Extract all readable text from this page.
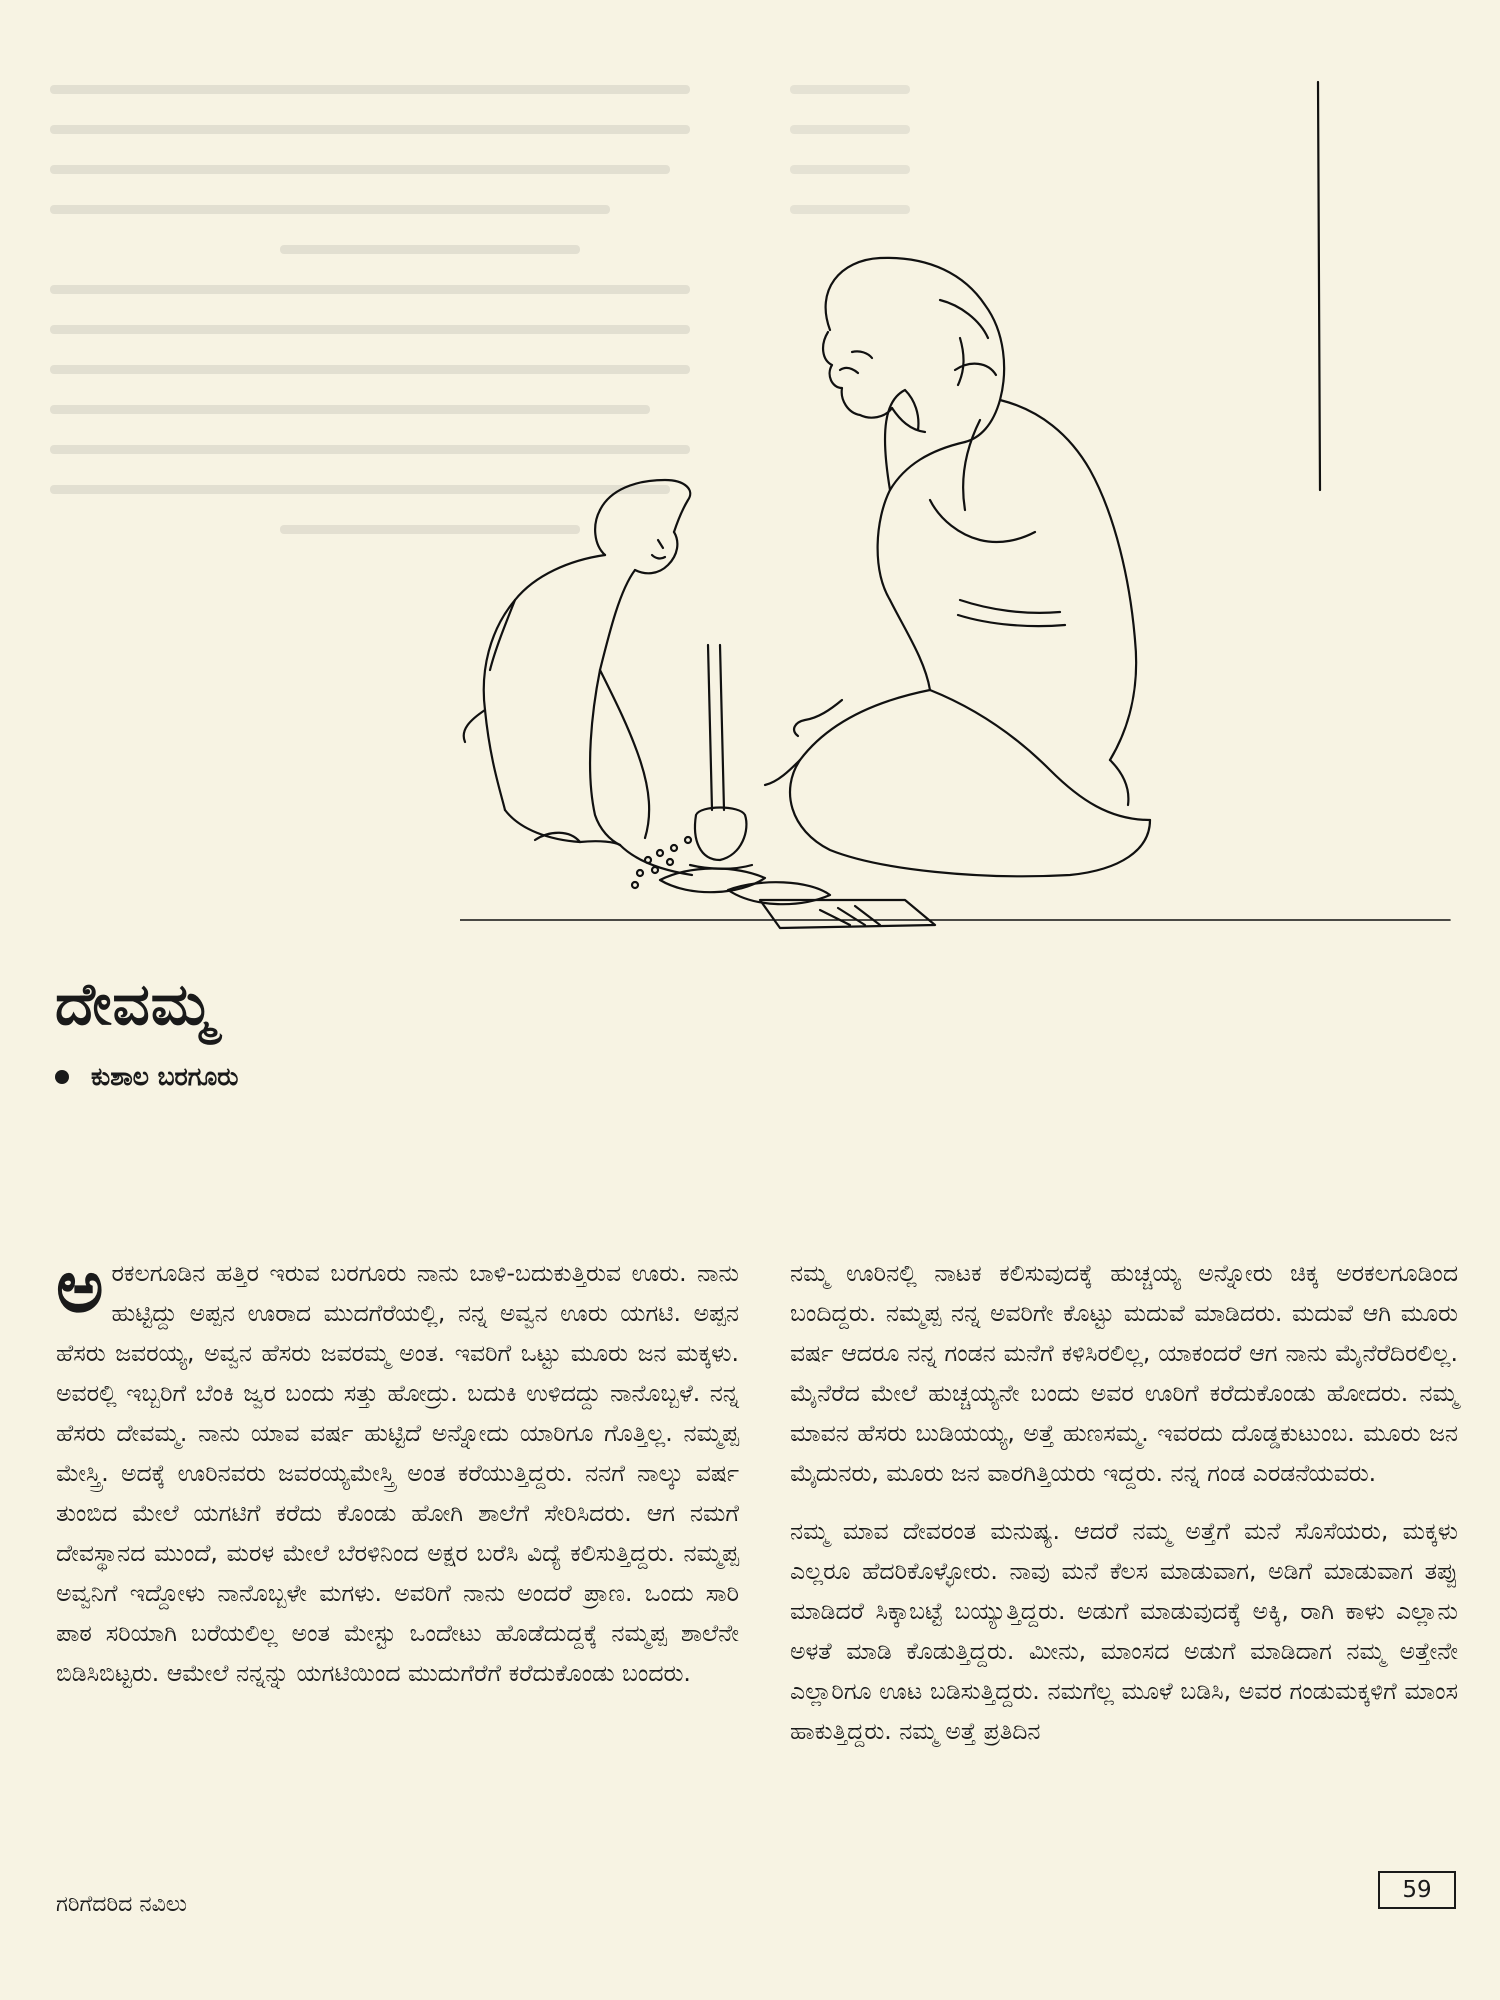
ದೇವಮ್ಮ
ಕುಶಾಲ ಬರಗೂರು

ಅರಕಲಗೂಡಿನ ಹತ್ತಿರ ಇರುವ ಬರಗೂರು ನಾನು ಬಾಳಿ-ಬದುಕುತ್ತಿರುವ ಊರು. ನಾನು ಹುಟ್ಟಿದ್ದು ಅಪ್ಪನ ಊರಾದ ಮುದಗೆರೆಯಲ್ಲಿ, ನನ್ನ ಅವ್ವನ ಊರು ಯಗಟಿ. ಅಪ್ಪನ ಹೆಸರು ಜವರಯ್ಯ, ಅವ್ವನ ಹೆಸರು ಜವರಮ್ಮ ಅಂತ. ಇವರಿಗೆ ಒಟ್ಟು ಮೂರು ಜನ ಮಕ್ಕಳು. ಅವರಲ್ಲಿ ಇಬ್ಬರಿಗೆ ಬೆಂಕಿ ಜ್ವರ ಬಂದು ಸತ್ತು ಹೋದ್ರು. ಬದುಕಿ ಉಳಿದದ್ದು ನಾನೊಬ್ಬಳೆ. ನನ್ನ ಹೆಸರು ದೇವಮ್ಮ. ನಾನು ಯಾವ ವರ್ಷ ಹುಟ್ಟಿದೆ ಅನ್ನೋದು ಯಾರಿಗೂ ಗೊತ್ತಿಲ್ಲ. ನಮ್ಮಪ್ಪ ಮೇಸ್ತ್ರಿ. ಅದಕ್ಕೆ ಊರಿನವರು ಜವರಯ್ಯಮೇಸ್ತ್ರಿ ಅಂತ ಕರೆಯುತ್ತಿದ್ದರು. ನನಗೆ ನಾಲ್ಕು ವರ್ಷ ತುಂಬಿದ ಮೇಲೆ ಯಗಟಿಗೆ ಕರೆದು ಕೊಂಡು ಹೋಗಿ ಶಾಲೆಗೆ ಸೇರಿಸಿದರು. ಆಗ ನಮಗೆ ದೇವಸ್ಥಾನದ ಮುಂದೆ, ಮರಳ ಮೇಲೆ ಬೆರಳಿನಿಂದ ಅಕ್ಷರ ಬರೆಸಿ ವಿದ್ಯೆ ಕಲಿಸುತ್ತಿದ್ದರು. ನಮ್ಮಪ್ಪ ಅವ್ವನಿಗೆ ಇದ್ದೋಳು ನಾನೊಬ್ಬಳೇ ಮಗಳು. ಅವರಿಗೆ ನಾನು ಅಂದರೆ ಪ್ರಾಣ. ಒಂದು ಸಾರಿ ಪಾಠ ಸರಿಯಾಗಿ ಬರೆಯಲಿಲ್ಲ ಅಂತ ಮೇಸ್ಟು ಒಂದೇಟು ಹೊಡೆದುದ್ದಕ್ಕೆ ನಮ್ಮಪ್ಪ ಶಾಲೆನೇ ಬಿಡಿಸಿಬಿಟ್ಟರು. ಆಮೇಲೆ ನನ್ನನ್ನು ಯಗಟಿಯಿಂದ ಮುದುಗೆರೆಗೆ ಕರೆದುಕೊಂಡು ಬಂದರು.

ನಮ್ಮ ಊರಿನಲ್ಲಿ ನಾಟಕ ಕಲಿಸುವುದಕ್ಕೆ ಹುಚ್ಚಯ್ಯ ಅನ್ನೋರು ಚಿಕ್ಕ ಅರಕಲಗೂಡಿಂದ ಬಂದಿದ್ದರು. ನಮ್ಮಪ್ಪ ನನ್ನ ಅವರಿಗೇ ಕೊಟ್ಟು ಮದುವೆ ಮಾಡಿದರು. ಮದುವೆ ಆಗಿ ಮೂರು ವರ್ಷ ಆದರೂ ನನ್ನ ಗಂಡನ ಮನೆಗೆ ಕಳಿಸಿರಲಿಲ್ಲ, ಯಾಕಂದರೆ ಆಗ ನಾನು ಮೈನೆರೆದಿರಲಿಲ್ಲ. ಮೈನೆರೆದ ಮೇಲೆ ಹುಚ್ಚಯ್ಯನೇ ಬಂದು ಅವರ ಊರಿಗೆ ಕರೆದುಕೊಂಡು ಹೋದರು. ನಮ್ಮ ಮಾವನ ಹೆಸರು ಬುಡಿಯಯ್ಯ, ಅತ್ತೆ ಹುಣಸಮ್ಮ. ಇವರದು ದೊಡ್ಡಕುಟುಂಬ. ಮೂರು ಜನ ಮೈದುನರು, ಮೂರು ಜನ ವಾರಗಿತ್ತಿಯರು ಇದ್ದರು. ನನ್ನ ಗಂಡ ಎರಡನೆಯವರು.

ನಮ್ಮ ಮಾವ ದೇವರಂತ ಮನುಷ್ಯ. ಆದರೆ ನಮ್ಮ ಅತ್ತೆಗೆ ಮನೆ ಸೊಸೆಯರು, ಮಕ್ಕಳು ಎಲ್ಲರೂ ಹೆದರಿಕೊಳ್ಳೋರು. ನಾವು ಮನೆ ಕೆಲಸ ಮಾಡುವಾಗ, ಅಡಿಗೆ ಮಾಡುವಾಗ ತಪ್ಪು ಮಾಡಿದರೆ ಸಿಕ್ಕಾಬಟ್ಟೆ ಬಯ್ಯುತ್ತಿದ್ದರು. ಅಡುಗೆ ಮಾಡುವುದಕ್ಕೆ ಅಕ್ಕಿ, ರಾಗಿ ಕಾಳು ಎಲ್ಲಾನು ಅಳತೆ ಮಾಡಿ ಕೊಡುತ್ತಿದ್ದರು. ಮೀನು, ಮಾಂಸದ ಅಡುಗೆ ಮಾಡಿದಾಗ ನಮ್ಮ ಅತ್ತೇನೇ ಎಲ್ಲಾರಿಗೂ ಊಟ ಬಡಿಸುತ್ತಿದ್ದರು. ನಮಗೆಲ್ಲ ಮೂಳೆ ಬಡಿಸಿ, ಅವರ ಗಂಡುಮಕ್ಕಳಿಗೆ ಮಾಂಸ ಹಾಕುತ್ತಿದ್ದರು. ನಮ್ಮ ಅತ್ತೆ ಪ್ರತಿದಿನ

ಗರಿಗೆದರಿದ ನವಿಲು
59
